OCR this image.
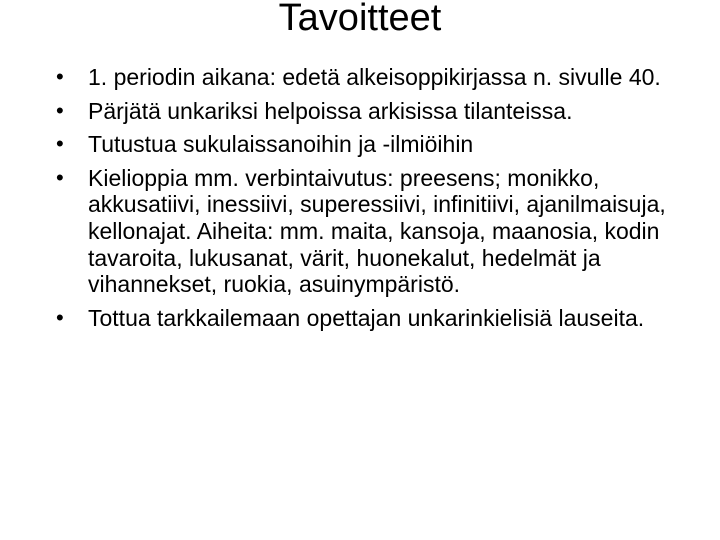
Tavoitteet
• 1. periodin aikana: edetä alkeisoppikirjassa n. sivulle 40.
• Pärjätä unkariksi helpoissa arkisissa tilanteissa.
• Tutustua sukulaissanoihin ja -ilmiöihin
• Kielioppia mm. verbintaivutus: preesens; monikko, akkusatiivi, inessiivi, superessiivi, infinitiivi, ajanilmaisuja, kellonajat. Aiheita: mm. maita, kansoja, maanosia, kodin tavaroita, lukusanat, värit, huonekalut, hedelmät ja vihannekset, ruokia, asuinympäristö.
• Tottua tarkkailemaan opettajan unkarinkielisiä lauseita.
